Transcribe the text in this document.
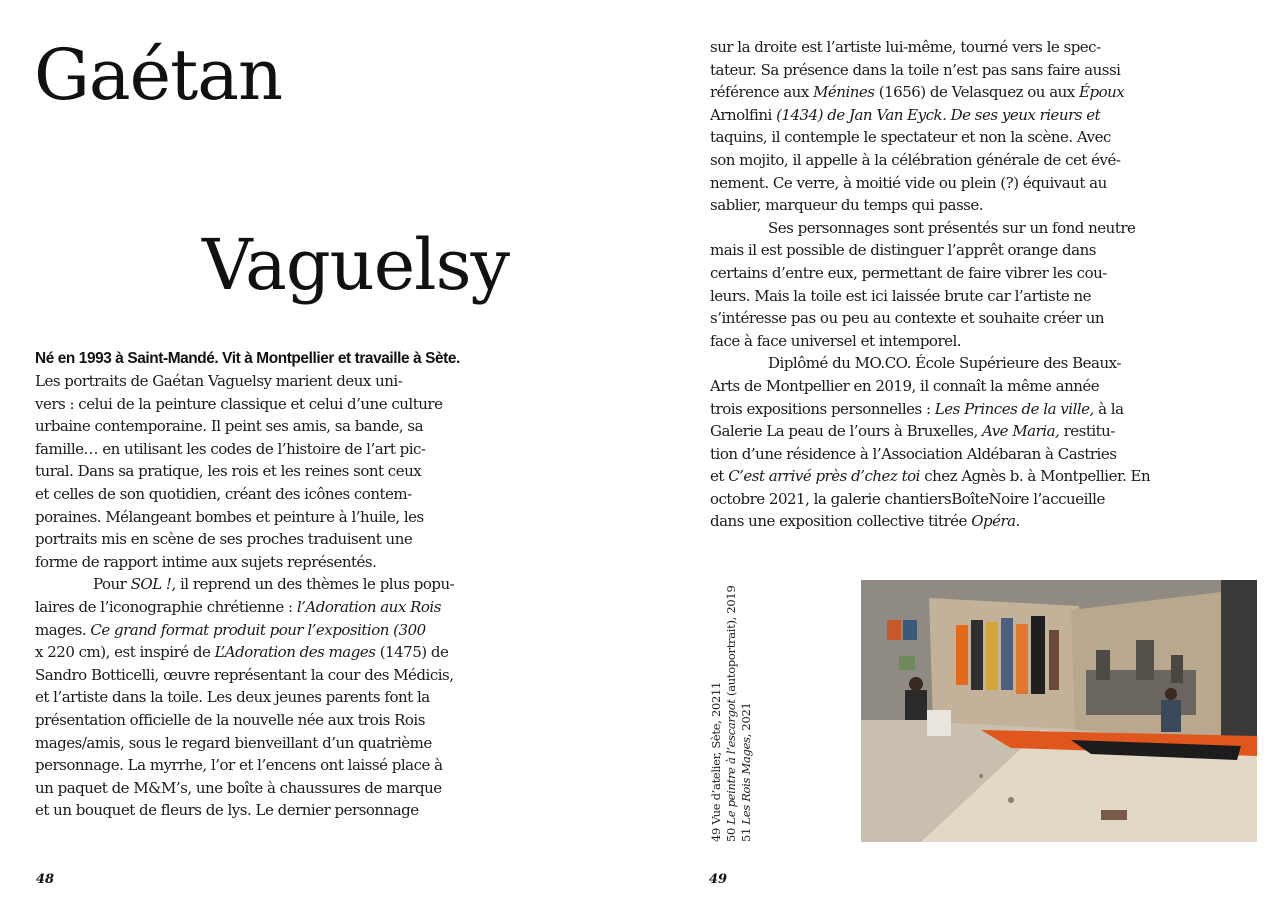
Gaétan
Vaguelsy
Né en 1993 à Saint-Mandé. Vit à Montpellier et travaille à Sète.
Les portraits de Gaétan Vaguelsy marient deux uni-
vers : celui de la peinture classique et celui d’une culture
urbaine contemporaine. Il peint ses amis, sa bande, sa
famille… en utilisant les codes de l’histoire de l’art pic-
tural. Dans sa pratique, les rois et les reines sont ceux
et celles de son quotidien, créant des icônes contem-
poraines. Mélangeant bombes et peinture à l’huile, les
portraits mis en scène de ses proches traduisent une
forme de rapport intime aux sujets représentés.
Pour SOL !, il reprend un des thèmes le plus popu-
laires de l’iconographie chrétienne : l’Adoration aux Rois
mages. Ce grand format produit pour l’exposition (300
x 220 cm), est inspiré de L’Adoration des mages (1475) de
Sandro Botticelli, œuvre représentant la cour des Médicis,
et l’artiste dans la toile. Les deux jeunes parents font la
présentation officielle de la nouvelle née aux trois Rois
mages/amis, sous le regard bienveillant d’un quatrième
personnage. La myrrhe, l’or et l’encens ont laissé place à
un paquet de M&M’s, une boîte à chaussures de marque
et un bouquet de fleurs de lys. Le dernier personnage
48
sur la droite est l’artiste lui-même, tourné vers le spec-
tateur. Sa présence dans la toile n’est pas sans faire aussi
référence aux Ménines (1656) de Velasquez ou aux Époux
Arnolfini (1434) de Jan Van Eyck. De ses yeux rieurs et
taquins, il contemple le spectateur et non la scène. Avec
son mojito, il appelle à la célébration générale de cet évé-
nement. Ce verre, à moitié vide ou plein (?) équivaut au
sablier, marqueur du temps qui passe.
Ses personnages sont présentés sur un fond neutre
mais il est possible de distinguer l’apprêt orange dans
certains d’entre eux, permettant de faire vibrer les cou-
leurs. Mais la toile est ici laissée brute car l’artiste ne
s’intéresse pas ou peu au contexte et souhaite créer un
face à face universel et intemporel.
Diplômé du MO.CO. École Supérieure des Beaux-
Arts de Montpellier en 2019, il connaît la même année
trois expositions personnelles : Les Princes de la ville, à la
Galerie La peau de l’ours à Bruxelles, Ave Maria, restitu-
tion d’une résidence à l’Association Aldébaran à Castries
et C’est arrivé près d’chez toi chez Agnès b. à Montpellier. En
octobre 2021, la galerie chantiersBoîteNoire l’accueille
dans une exposition collective titrée Opéra.
49 Vue d’atelier, Sète, 20211 50 Le peintre à l’escargot (autoportrait), 2019
51 Les Rois Mages, 2021
49
